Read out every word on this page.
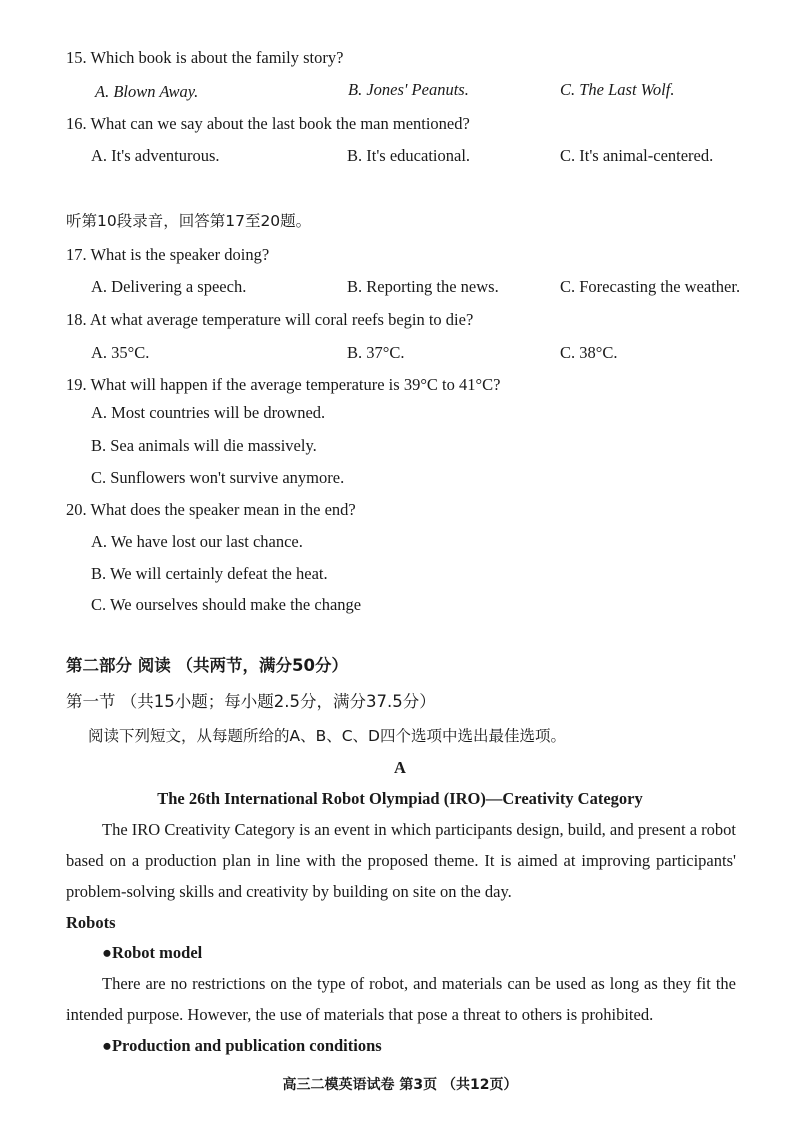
15. Which book is about the family story?
A. Blown Away.	B. Jones' Peanuts.	C. The Last Wolf.
16. What can we say about the last book the man mentioned?
A. It's adventurous.	B. It's educational.	C. It's animal-centered.
听第10段录音，回答第17至20题。
17. What is the speaker doing?
A. Delivering a speech.	B. Reporting the news.	C. Forecasting the weather.
18. At what average temperature will coral reefs begin to die?
A. 35°C.	B. 37°C.	C. 38°C.
19. What will happen if the average temperature is 39°C to 41°C?
A. Most countries will be drowned.
B. Sea animals will die massively.
C. Sunflowers won't survive anymore.
20. What does the speaker mean in the end?
A. We have lost our last chance.
B. We will certainly defeat the heat.
C. We ourselves should make the change
第二部分 阅读 （共两节，满分50分）
第一节 （共15小题；每小题2.5分，满分37.5分）
阅读下列短文，从每题所给的A、B、C、D四个选项中选出最佳选项。
A
The 26th International Robot Olympiad (IRO)—Creativity Category
The IRO Creativity Category is an event in which participants design, build, and present a robot based on a production plan in line with the proposed theme. It is aimed at improving participants' problem-solving skills and creativity by building on site on the day.
Robots
●Robot model
There are no restrictions on the type of robot, and materials can be used as long as they fit the intended purpose. However, the use of materials that pose a threat to others is prohibited.
●Production and publication conditions
高三二模英语试卷 第3页 （共12页）
